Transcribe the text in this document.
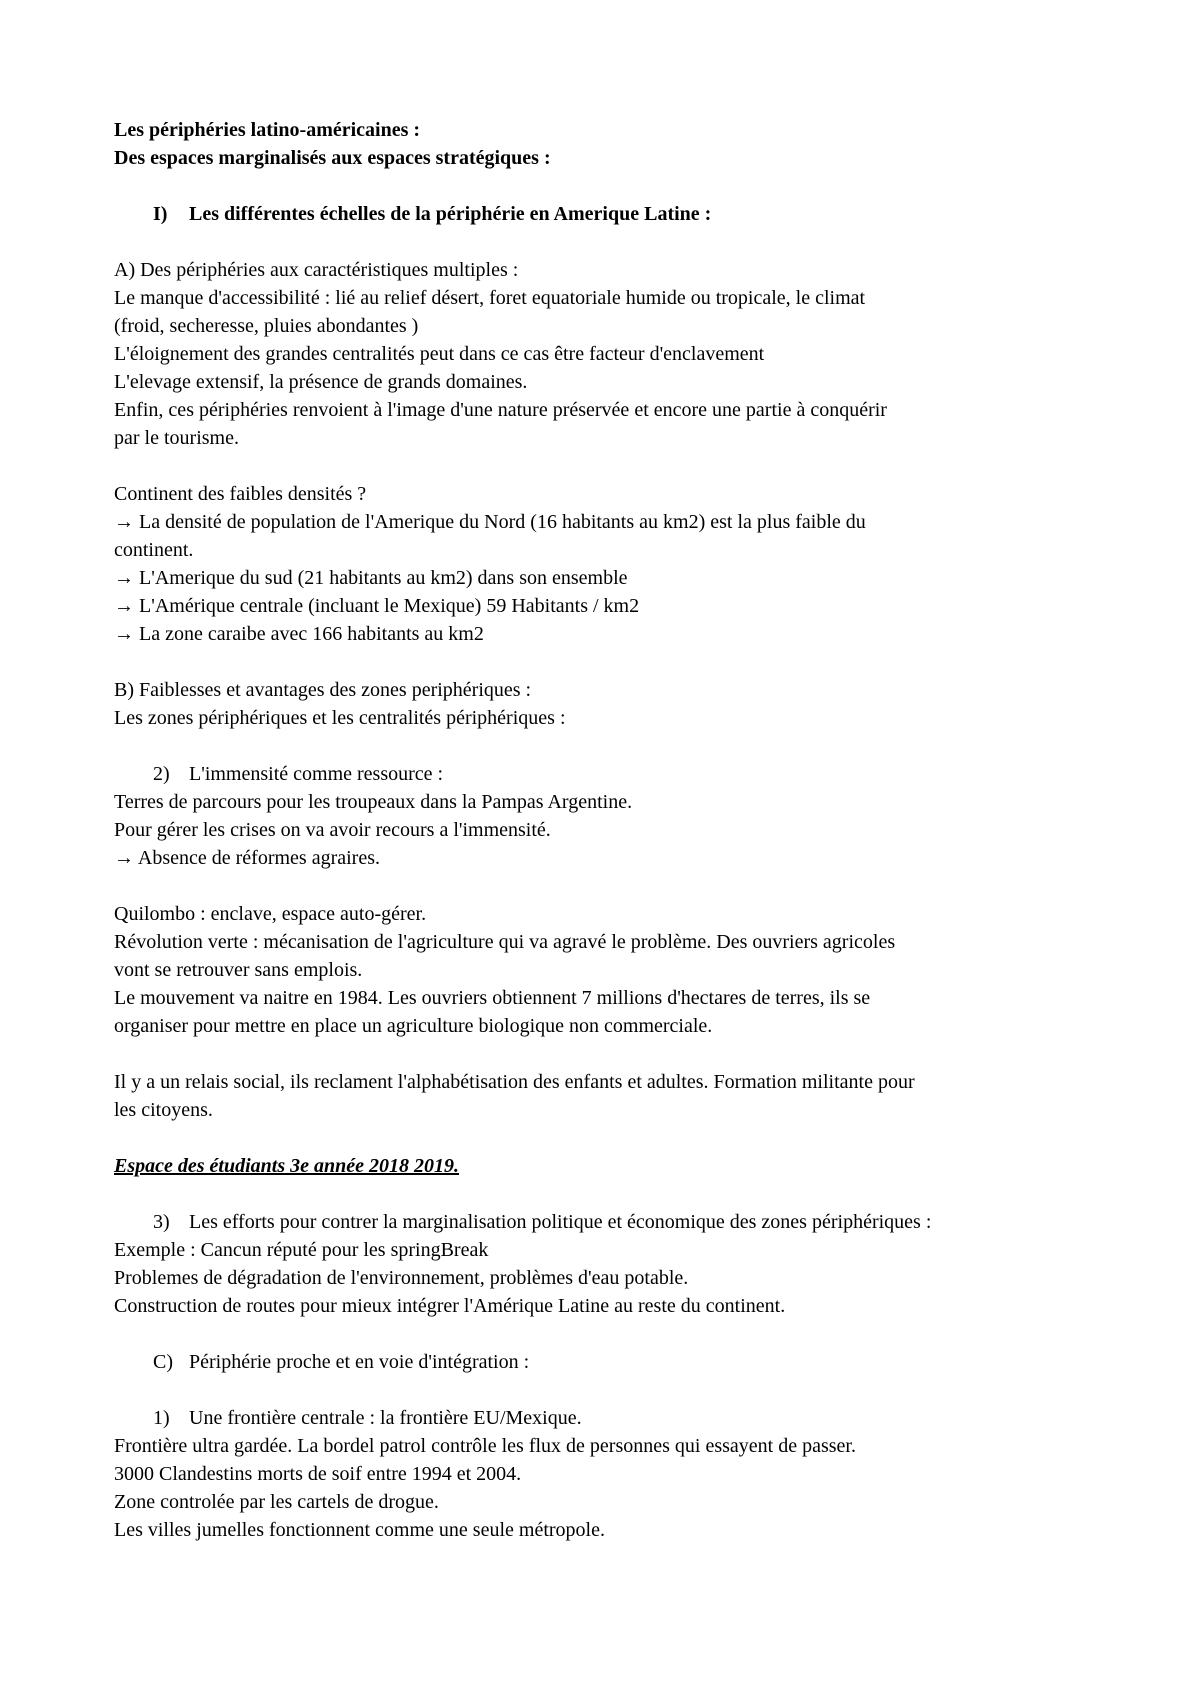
Les périphéries latino-américaines :
Des espaces marginalisés aux espaces stratégiques :
I) Les différentes échelles de la périphérie en Amerique Latine :
A) Des périphéries aux caractéristiques multiples :
Le manque d'accessibilité : lié au relief désert, foret equatoriale humide ou tropicale, le climat
(froid, secheresse, pluies abondantes )
L'éloignement des grandes centralités peut dans ce cas être facteur d'enclavement
L'elevage extensif, la présence de grands domaines.
Enfin, ces périphéries renvoient à l'image d'une nature préservée et encore une partie à conquérir
par le tourisme.
Continent des faibles densités ?
→ La densité de population de l'Amerique du Nord (16 habitants au km2) est la plus faible du
continent.
→ L'Amerique du sud (21 habitants au km2) dans son ensemble
→ L'Amérique centrale (incluant le Mexique) 59 Habitants / km2
→ La zone caraibe avec 166 habitants au km2
B) Faiblesses et avantages des zones periphériques :
Les zones périphériques et les centralités périphériques :
2) L'immensité comme ressource :
Terres de parcours pour les troupeaux dans la Pampas Argentine.
Pour gérer les crises on va avoir recours a l'immensité.
→ Absence de réformes agraires.
Quilombo : enclave, espace auto-gérer.
Révolution verte : mécanisation de l'agriculture qui va agravé le problème. Des ouvriers agricoles
vont se retrouver sans emplois.
Le mouvement va naitre en 1984. Les ouvriers obtiennent 7 millions d'hectares de terres, ils se
organiser pour mettre en place un agriculture biologique non commerciale.
Il y a un relais social, ils reclament l'alphabétisation des enfants et adultes. Formation militante pour
les citoyens.
Espace des étudiants 3e année 2018 2019.
3) Les efforts pour contrer la marginalisation politique et économique des zones périphériques :
Exemple : Cancun réputé pour les springBreak
Problemes de dégradation de l'environnement, problèmes d'eau potable.
Construction de routes pour mieux intégrer l'Amérique Latine au reste du continent.
C) Périphérie proche et en voie d'intégration :
1) Une frontière centrale : la frontière EU/Mexique.
Frontière ultra gardée. La bordel patrol contrôle les flux de personnes qui essayent de passer.
3000 Clandestins morts de soif entre 1994 et 2004.
Zone controlée par les cartels de drogue.
Les villes jumelles fonctionnent comme une seule métropole.
